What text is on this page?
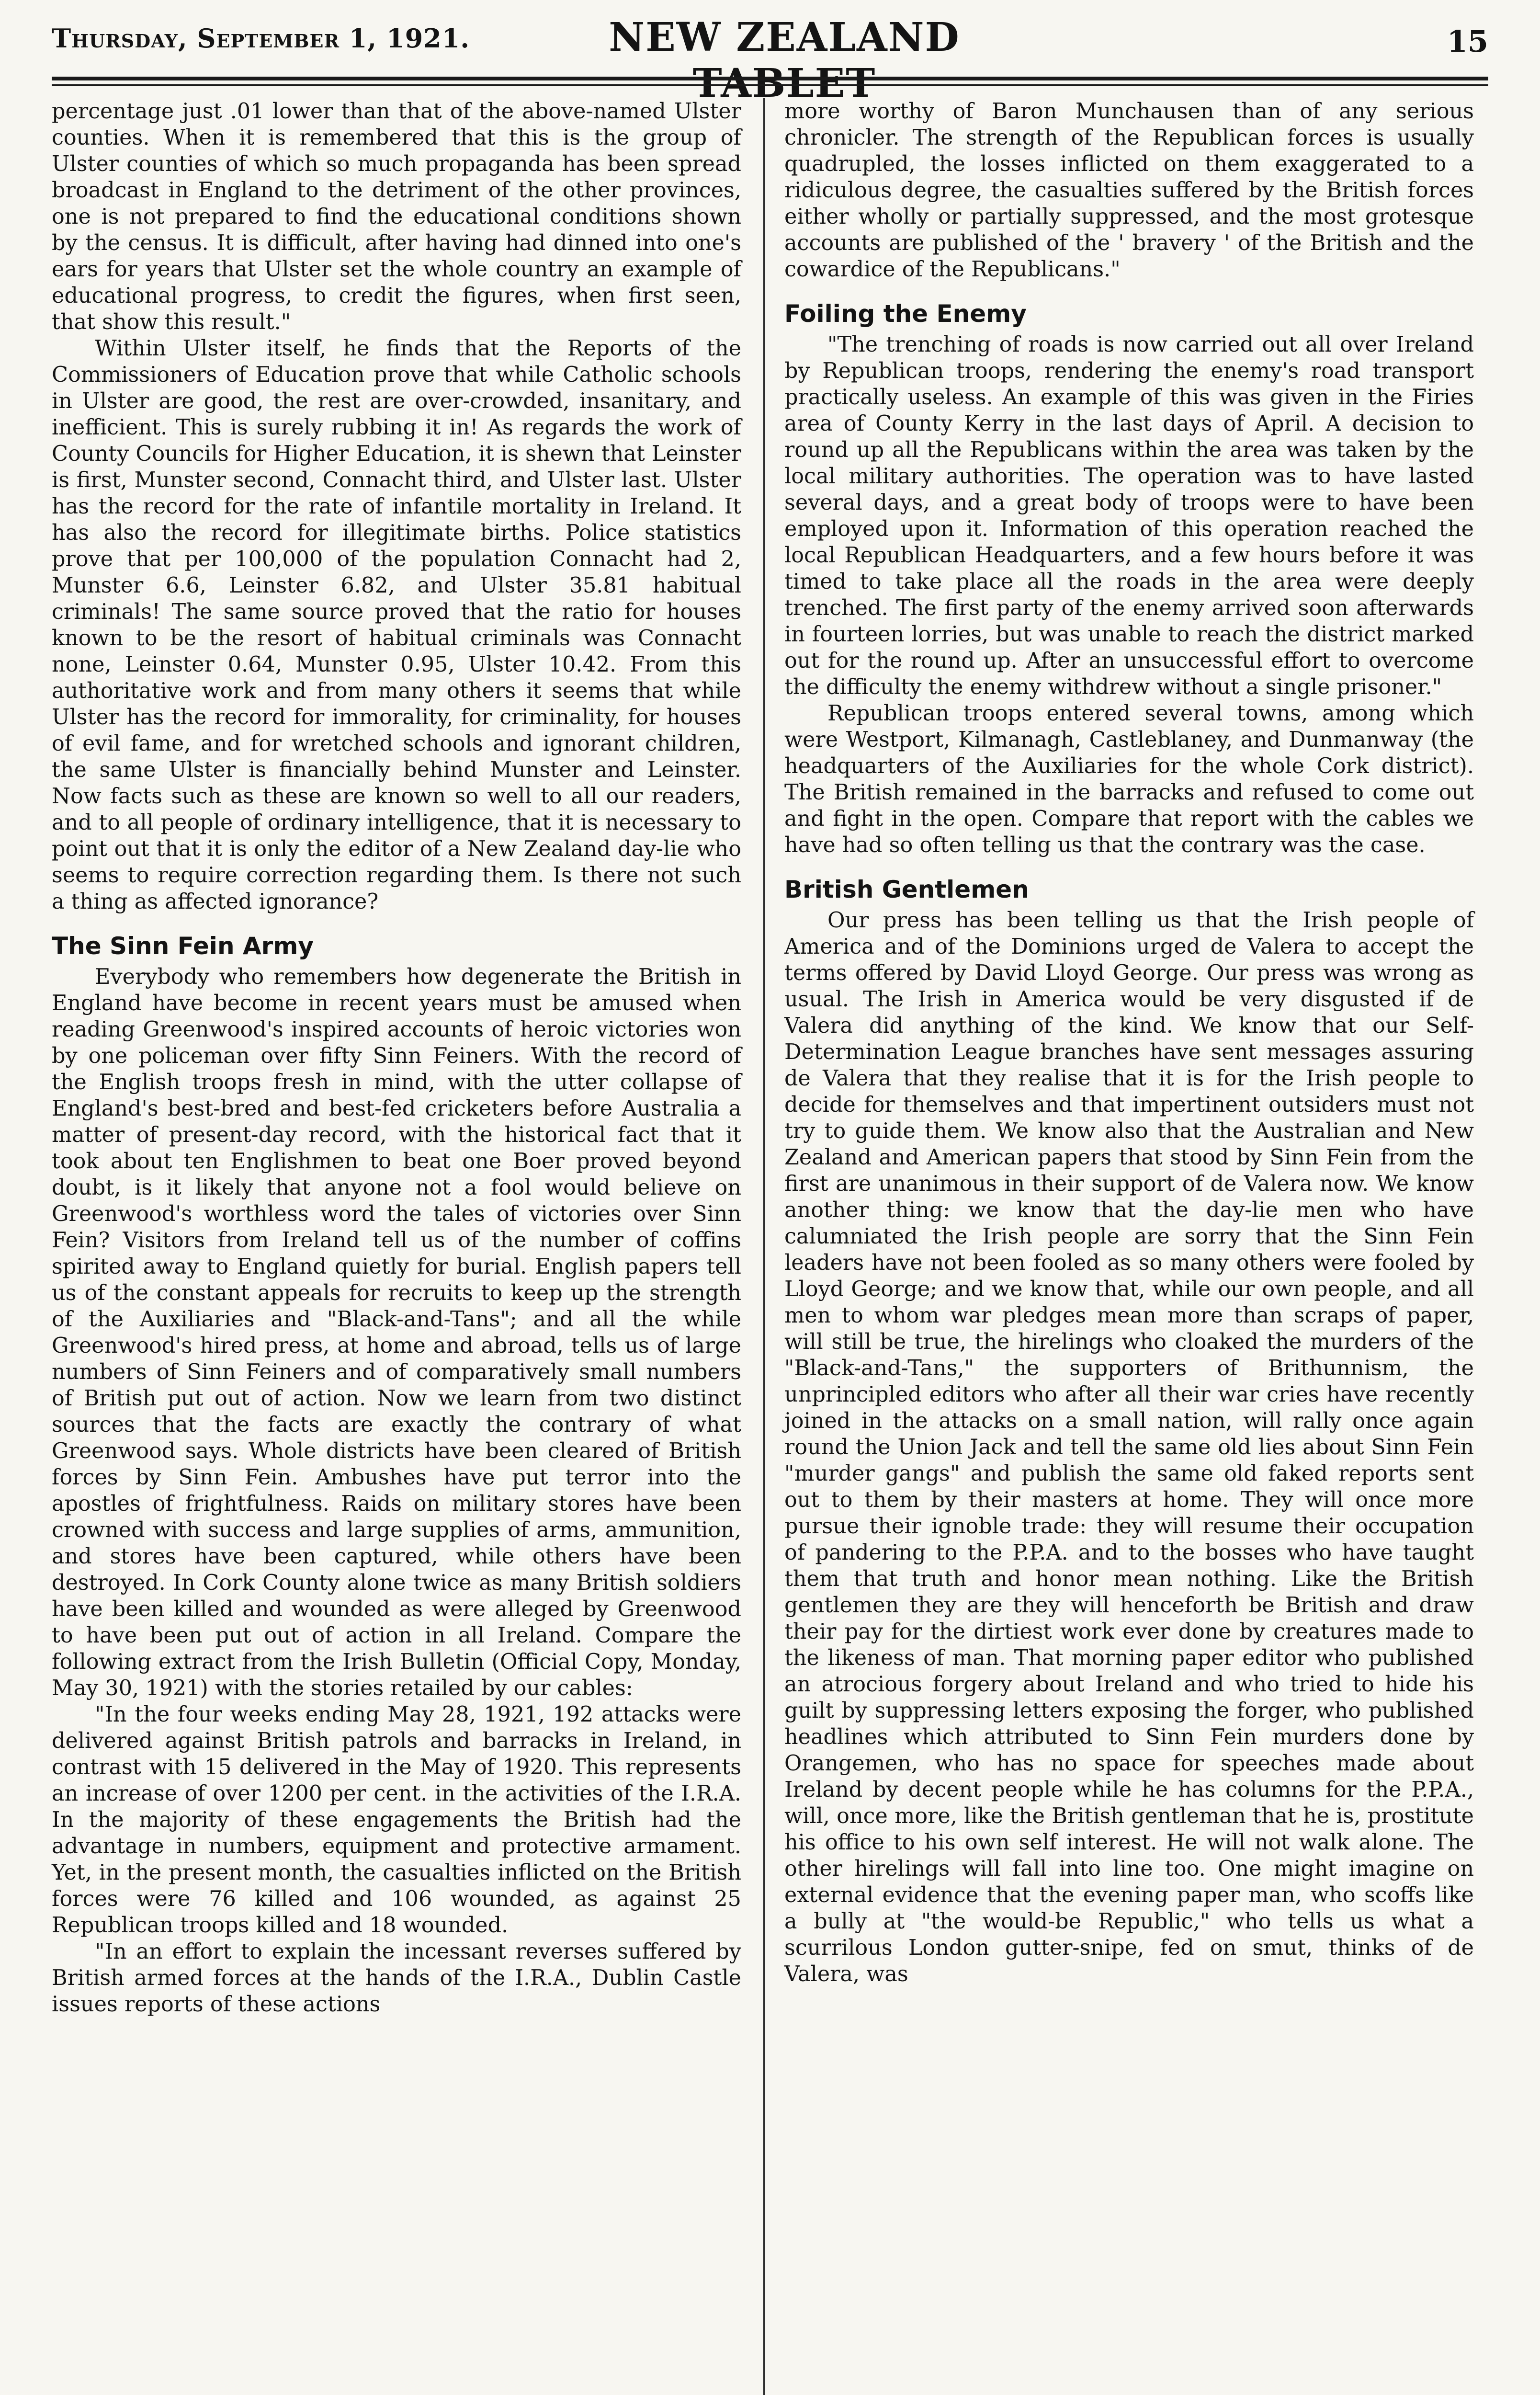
Thursday, September 1, 1921.	NEW ZEALAND TABLET
15

percentage just .01 lower than that of the above-named Ulster counties. When it is remembered that this is the group of Ulster counties of which so much propaganda has been spread broadcast in England to the detriment of the other provinces, one is not prepared to find the educational conditions shown by the census. It is difficult, after having had dinned into one's ears for years that Ulster set the whole country an example of educational progress, to credit the figures, when first seen, that show this result."

Within Ulster itself, he finds that the Reports of the Commissioners of Education prove that while Catholic schools in Ulster are good, the rest are over-crowded, insanitary, and inefficient. This is surely rubbing it in! As regards the work of County Councils for Higher Education, it is shewn that Leinster is first, Munster second, Connacht third, and Ulster last. Ulster has the record for the rate of infantile mortality in Ireland. It has also the record for illegitimate births. Police statistics prove that per 100,000 of the population Connacht had 2, Munster 6.6, Leinster 6.82, and Ulster 35.81 habitual criminals! The same source proved that the ratio for houses known to be the resort of habitual criminals was Connacht none, Leinster 0.64, Munster 0.95, Ulster 10.42. From this authoritative work and from many others it seems that while Ulster has the record for immorality, for criminality, for houses of evil fame, and for wretched schools and ignorant children, the same Ulster is financially behind Munster and Leinster. Now facts such as these are known so well to all our readers, and to all people of ordinary intelligence, that it is necessary to point out that it is only the editor of a New Zealand day-lie who seems to require correction regarding them. Is there not such a thing as affected ignorance?

The Sinn Fein Army

Everybody who remembers how degenerate the British in England have become in recent years must be amused when reading Greenwood's inspired accounts of heroic victories won by one policeman over fifty Sinn Feiners. With the record of the English troops fresh in mind, with the utter collapse of England's best-bred and best-fed cricketers before Australia a matter of present-day record, with the historical fact that it took about ten Englishmen to beat one Boer proved beyond doubt, is it likely that anyone not a fool would believe on Greenwood's worthless word the tales of victories over Sinn Fein? Visitors from Ireland tell us of the number of coffins spirited away to England quietly for burial. English papers tell us of the constant appeals for recruits to keep up the strength of the Auxiliaries and "Black-and-Tans"; and all the while Greenwood's hired press, at home and abroad, tells us of large numbers of Sinn Feiners and of comparatively small numbers of British put out of action. Now we learn from two distinct sources that the facts are exactly the contrary of what Greenwood says. Whole districts have been cleared of British forces by Sinn Fein. Ambushes have put terror into the apostles of frightfulness. Raids on military stores have been crowned with success and large supplies of arms, ammunition, and stores have been captured, while others have been destroyed. In Cork County alone twice as many British soldiers have been killed and wounded as were alleged by Greenwood to have been put out of action in all Ireland. Compare the following extract from the Irish Bulletin (Official Copy, Monday, May 30, 1921) with the stories retailed by our cables:

"In the four weeks ending May 28, 1921, 192 attacks were delivered against British patrols and barracks in Ireland, in contrast with 15 delivered in the May of 1920. This represents an increase of over 1200 per cent. in the activities of the I.R.A. In the majority of these engagements the British had the advantage in numbers, equipment and protective armament. Yet, in the present month, the casualties inflicted on the British forces were 76 killed and 106 wounded, as against 25 Republican troops killed and 18 wounded.

"In an effort to explain the incessant reverses suffered by British armed forces at the hands of the I.R.A., Dublin Castle issues reports of these actions

more worthy of Baron Munchausen than of any serious chronicler. The strength of the Republican forces is usually quadrupled, the losses inflicted on them exaggerated to a ridiculous degree, the casualties suffered by the British forces either wholly or partially suppressed, and the most grotesque accounts are published of the ' bravery ' of the British and the cowardice of the Republicans."

Foiling the Enemy

"The trenching of roads is now carried out all over Ireland by Republican troops, rendering the enemy's road transport practically useless. An example of this was given in the Firies area of County Kerry in the last days of April. A decision to round up all the Republicans within the area was taken by the local military authorities. The operation was to have lasted several days, and a great body of troops were to have been employed upon it. Information of this operation reached the local Republican Headquarters, and a few hours before it was timed to take place all the roads in the area were deeply trenched. The first party of the enemy arrived soon afterwards in fourteen lorries, but was unable to reach the district marked out for the round up. After an unsuccessful effort to overcome the difficulty the enemy withdrew without a single prisoner."

Republican troops entered several towns, among which were Westport, Kilmanagh, Castleblaney, and Dunmanway (the headquarters of the Auxiliaries for the whole Cork district). The British remained in the barracks and refused to come out and fight in the open. Compare that report with the cables we have had so often telling us that the contrary was the case.

British Gentlemen

Our press has been telling us that the Irish people of America and of the Dominions urged de Valera to accept the terms offered by David Lloyd George. Our press was wrong as usual. The Irish in America would be very disgusted if de Valera did anything of the kind. We know that our Self-Determination League branches have sent messages assuring de Valera that they realise that it is for the Irish people to decide for themselves and that impertinent outsiders must not try to guide them. We know also that the Australian and New Zealand and American papers that stood by Sinn Fein from the first are unanimous in their support of de Valera now. We know another thing: we know that the day-lie men who have calumniated the Irish people are sorry that the Sinn Fein leaders have not been fooled as so many others were fooled by Lloyd George; and we know that, while our own people, and all men to whom war pledges mean more than scraps of paper, will still be true, the hirelings who cloaked the murders of the "Black-and-Tans," the supporters of Brithunnism, the unprincipled editors who after all their war cries have recently joined in the attacks on a small nation, will rally once again round the Union Jack and tell the same old lies about Sinn Fein "murder gangs" and publish the same old faked reports sent out to them by their masters at home. They will once more pursue their ignoble trade: they will resume their occupation of pandering to the P.P.A. and to the bosses who have taught them that truth and honor mean nothing. Like the British gentlemen they are they will henceforth be British and draw their pay for the dirtiest work ever done by creatures made to the likeness of man. That morning paper editor who published an atrocious forgery about Ireland and who tried to hide his guilt by suppressing letters exposing the forger, who published headlines which attributed to Sinn Fein murders done by Orangemen, who has no space for speeches made about Ireland by decent people while he has columns for the P.P.A., will, once more, like the British gentleman that he is, prostitute his office to his own self interest. He will not walk alone. The other hirelings will fall into line too. One might imagine on external evidence that the evening paper man, who scoffs like a bully at "the would-be Republic," who tells us what a scurrilous London gutter-snipe, fed on smut, thinks of de Valera, was
